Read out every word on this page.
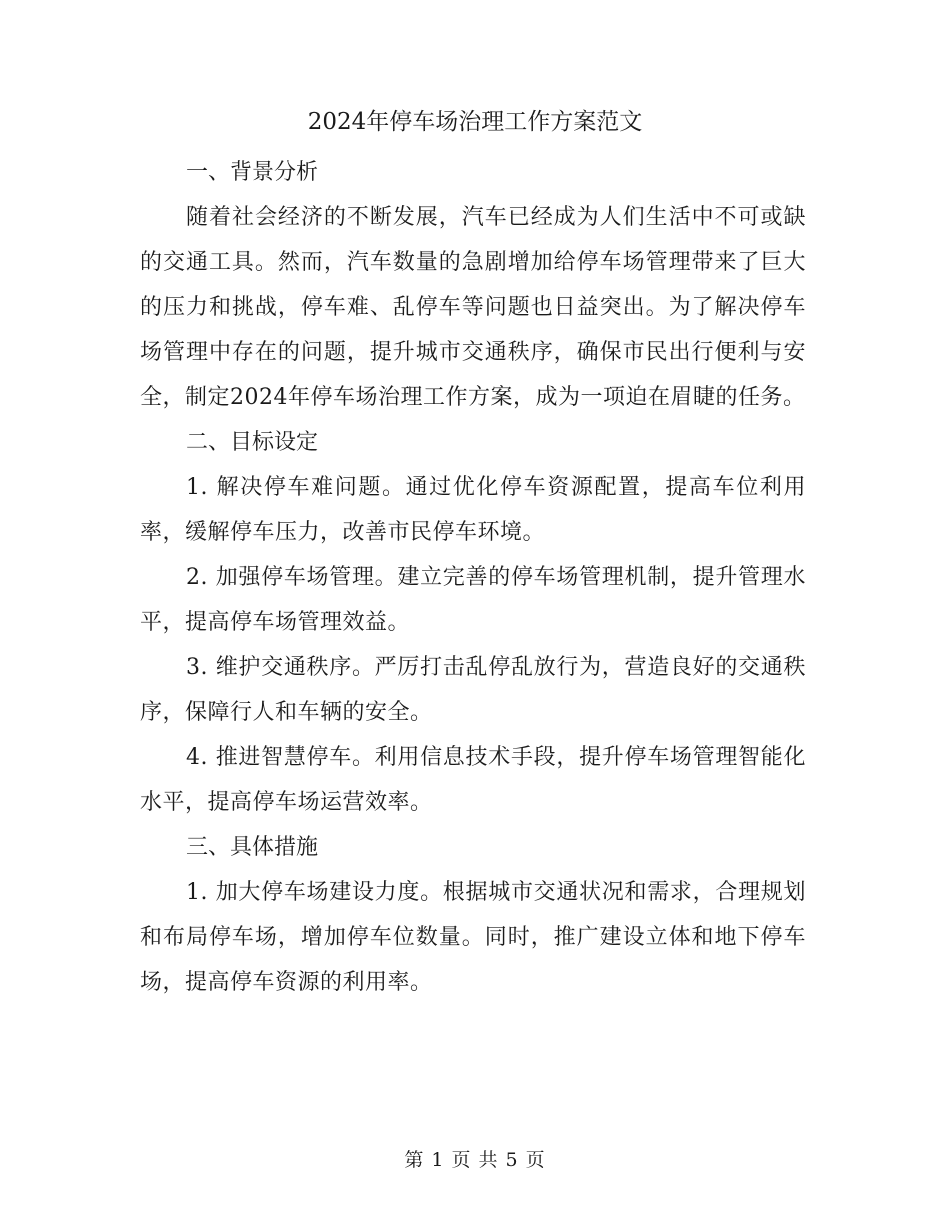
2024年停车场治理工作方案范文
一、背景分析

随着社会经济的不断发展，汽车已经成为人们生活中不可或缺的交通工具。然而，汽车数量的急剧增加给停车场管理带来了巨大的压力和挑战，停车难、乱停车等问题也日益突出。为了解决停车场管理中存在的问题，提升城市交通秩序，确保市民出行便利与安全，制定2024年停车场治理工作方案，成为一项迫在眉睫的任务。

二、目标设定

1. 解决停车难问题。通过优化停车资源配置，提高车位利用率，缓解停车压力，改善市民停车环境。

2. 加强停车场管理。建立完善的停车场管理机制，提升管理水平，提高停车场管理效益。

3. 维护交通秩序。严厉打击乱停乱放行为，营造良好的交通秩序，保障行人和车辆的安全。

4. 推进智慧停车。利用信息技术手段，提升停车场管理智能化水平，提高停车场运营效率。

三、具体措施

1. 加大停车场建设力度。根据城市交通状况和需求，合理规划和布局停车场，增加停车位数量。同时，推广建设立体和地下停车场，提高停车资源的利用率。

第 1 页 共 5 页
